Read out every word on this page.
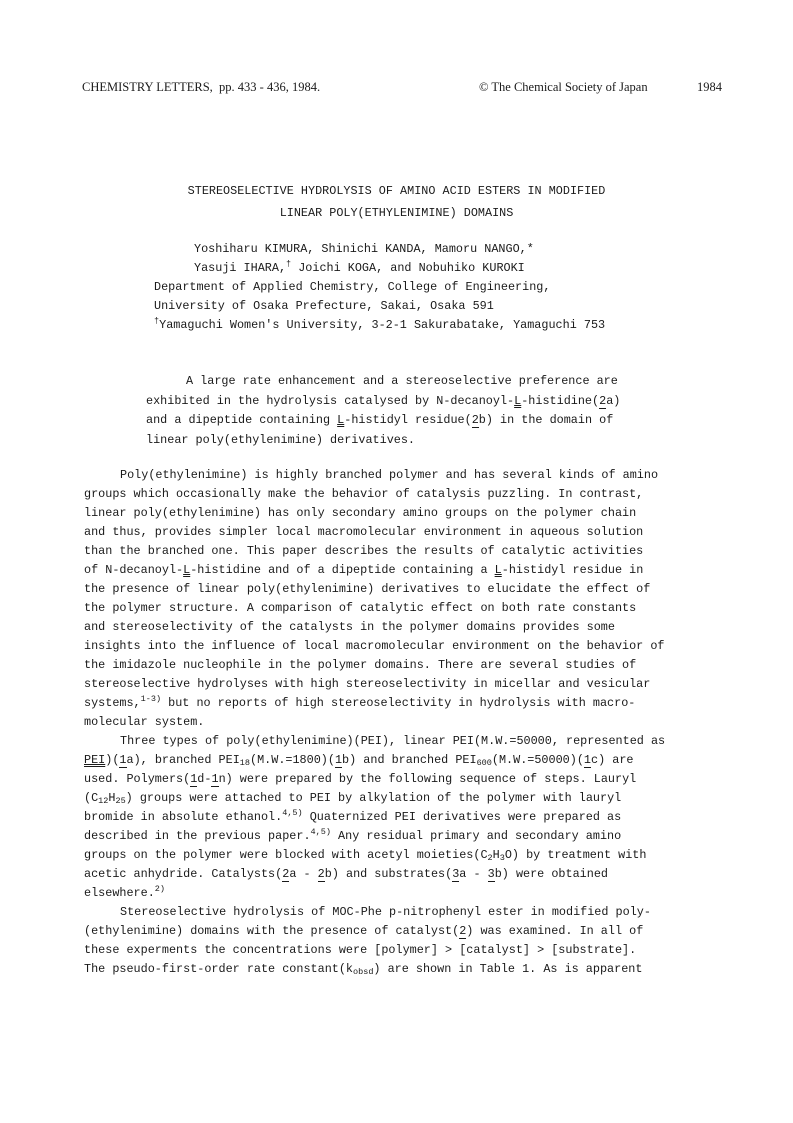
CHEMISTRY LETTERS, pp. 433 - 436, 1984.	© The Chemical Society of Japan	1984
STEREOSELECTIVE HYDROLYSIS OF AMINO ACID ESTERS IN MODIFIED
LINEAR POLY(ETHYLENIMINE) DOMAINS
Yoshiharu KIMURA, Shinichi KANDA, Mamoru NANGO,*
Yasuji IHARA,† Joichi KOGA, and Nobuhiko KUROKI
Department of Applied Chemistry, College of Engineering,
University of Osaka Prefecture, Sakai, Osaka 591
†Yamaguchi Women's University, 3-2-1 Sakurabatake, Yamaguchi 753
A large rate enhancement and a stereoselective preference are
exhibited in the hydrolysis catalysed by N-decanoyl-L-histidine(2a)
and a dipeptide containing L-histidyl residue(2b) in the domain of
linear poly(ethylenimine) derivatives.
Poly(ethylenimine) is highly branched polymer and has several kinds of amino
groups which occasionally make the behavior of catalysis puzzling. In contrast,
linear poly(ethylenimine) has only secondary amino groups on the polymer chain
and thus, provides simpler local macromolecular environment in aqueous solution
than the branched one. This paper describes the results of catalytic activities
of N-decanoyl-L-histidine and of a dipeptide containing a L-histidyl residue in
the presence of linear poly(ethylenimine) derivatives to elucidate the effect of
the polymer structure. A comparison of catalytic effect on both rate constants
and stereoselectivity of the catalysts in the polymer domains provides some
insights into the influence of local macromolecular environment on the behavior of
the imidazole nucleophile in the polymer domains. There are several studies of
stereoselective hydrolyses with high stereoselectivity in micellar and vesicular
systems,$^{1-3)}$ but no reports of high stereoselectivity in hydrolysis with macro-
molecular system.
Three types of poly(ethylenimine)(PEI), linear PEI(M.W.=50000, represented as
PEI)(1a), branched $PEI_{18}(M.W.=1800)(1b)$ and branched $PEI_{600}(M.W.=50000)(1c)$ are
used. Polymers(1d-1n) were prepared by the following sequence of steps. Lauryl
$(C_{12}H_{25})$ groups were attached to PEI by alkylation of the polymer with lauryl
bromide in absolute ethanol.$^{4,5)}$ Quaternized PEI derivatives were prepared as
described in the previous paper.$^{4,5)}$ Any residual primary and secondary amino
groups on the polymer were blocked with acetyl $moieties(C_2H_3O)$ by treatment with
acetic anhydride. Catalysts(2a - 2b) and substrates(3a - 3b) were obtained
elsewhere.$^{2)}$
Stereoselective hydrolysis of MOC-Phe p-nitrophenyl ester in modified poly-
(ethylenimine) domains with the presence of catalyst(2) was examined. In all of
these experments the concentrations were [polymer] > [catalyst] > [substrate].
The pseudo-first-order rate $constant(k_{obsd})$ are shown in Table 1. As is apparent
